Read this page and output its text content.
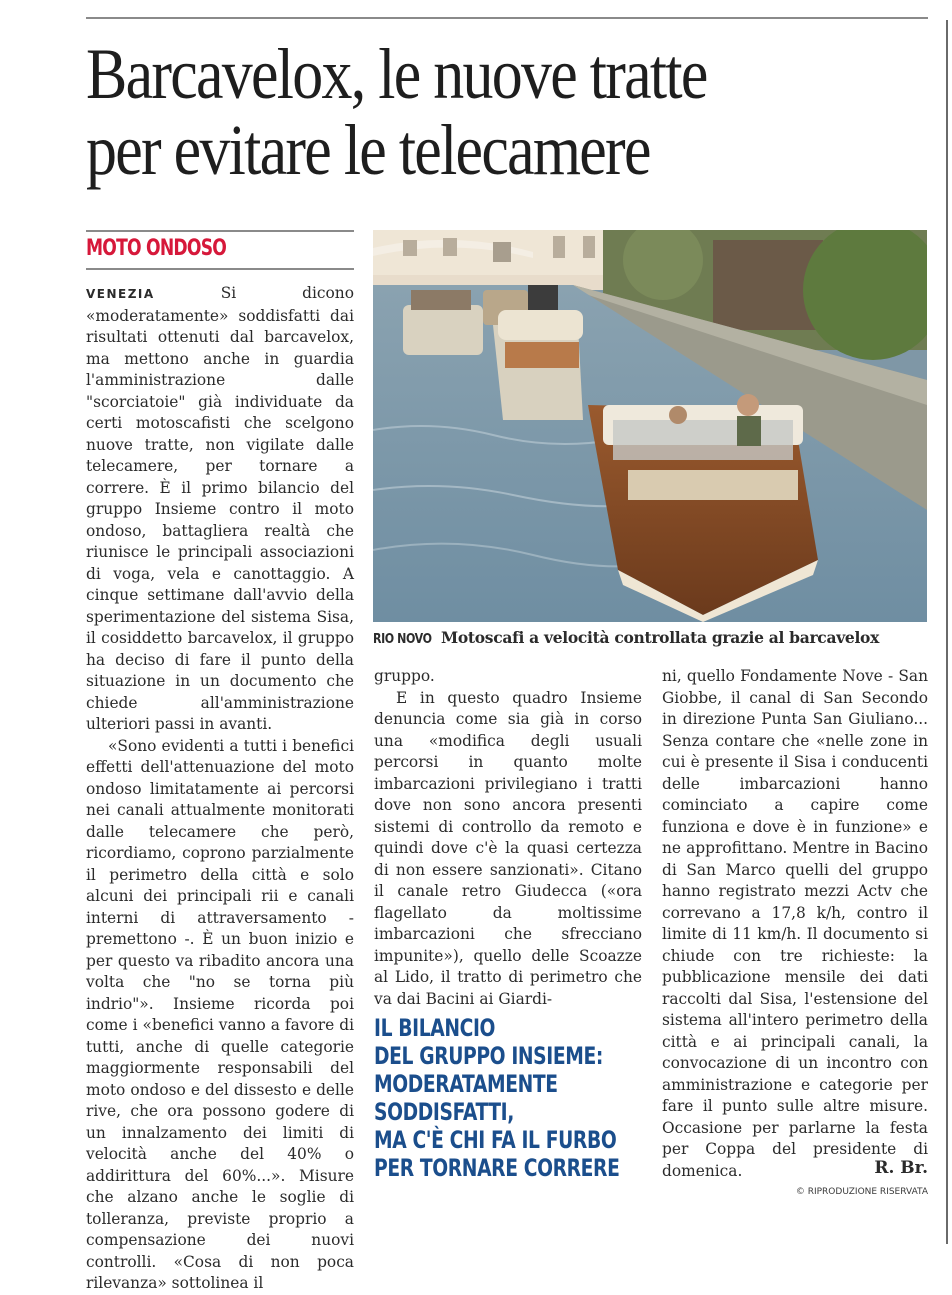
Barcavelox, le nuove tratte
per evitare le telecamere
MOTO ONDOSO

VENEZIA	Si dicono «moderatamente» soddisfatti dai risultati ottenuti dal barcavelox, ma mettono anche in guardia l'amministrazione dalle "scorciatoie" già individuate da certi motoscafisti che scelgono nuove tratte, non vigilate dalle telecamere, per tornare a correre. È il primo bilancio del gruppo Insieme contro il moto ondoso, battagliera realtà che riunisce le principali associazioni di voga, vela e canottaggio. A cinque settimane dall'avvio della sperimentazione del sistema Sisa, il cosiddetto barcavelox, il gruppo ha deciso di fare il punto della situazione in un documento che chiede all'amministrazione ulteriori passi in avanti.

«Sono evidenti a tutti i benefici effetti dell'attenuazione del moto ondoso limitatamente ai percorsi nei canali attualmente monitorati dalle telecamere che però, ricordiamo, coprono parzialmente il perimetro della città e solo alcuni dei principali rii e canali interni di attraversamento - premettono -. È un buon inizio e per questo va ribadito ancora una volta che "no se torna più indrio"». Insieme ricorda poi come i «benefici vanno a favore di tutti, anche di quelle categorie maggiormente responsabili del moto ondoso e del dissesto e delle rive, che ora possono godere di un innalzamento dei limiti di velocità anche del 40% o addirittura del 60%...». Misure che alzano anche le soglie di tolleranza, previste proprio a compensazione dei nuovi controlli. «Cosa di non poca rilevanza» sottolinea il

RIO NOVO Motoscafi a velocità controllata grazie al barcavelox

gruppo.

E in questo quadro Insieme denuncia come sia già in corso una «modifica degli usuali percorsi in quanto molte imbarcazioni privilegiano i tratti dove non sono ancora presenti sistemi di controllo da remoto e quindi dove c'è la quasi certezza di non essere sanzionati». Citano il canale retro Giudecca («ora flagellato da moltissime imbarcazioni che sfrecciano impunite»), quello delle Scoazze al Lido, il tratto di perimetro che va dai Bacini ai Giardi-

IL BILANCIO
DEL GRUPPO INSIEME:
MODERATAMENTE
SODDISFATTI,
MA C'È CHI FA IL FURBO
PER TORNARE CORRERE

ni, quello Fondamente Nove - San Giobbe, il canal di San Secondo in direzione Punta San Giuliano... Senza contare che «nelle zone in cui è presente il Sisa i conducenti delle imbarcazioni hanno cominciato a capire come funziona e dove è in funzione» e ne approfittano. Mentre in Bacino di San Marco quelli del gruppo hanno registrato mezzi Actv che correvano a 17,8 k/h, contro il limite di 11 km/h. Il documento si chiude con tre richieste: la pubblicazione mensile dei dati raccolti dal Sisa, l'estensione del sistema all'intero perimetro della città e ai principali canali, la convocazione di un incontro con amministrazione e categorie per fare il punto sulle altre misure. Occasione per parlarne la festa per Coppa del presidente di domenica.	R. Br.
© RIPRODUZIONE RISERVATA
